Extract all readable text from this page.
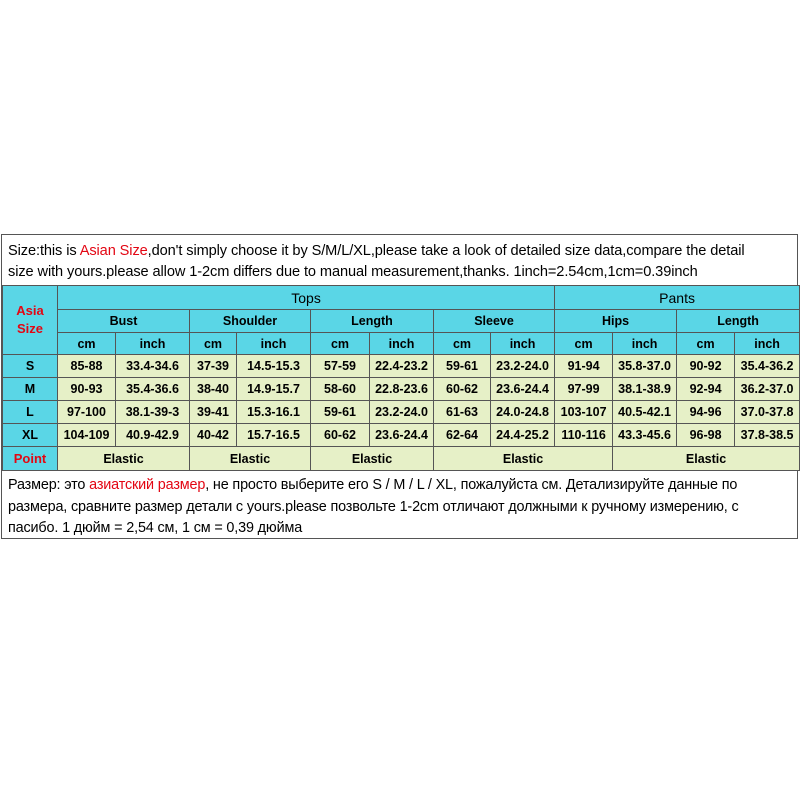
Size:this is Asian Size,don't simply choose it by S/M/L/XL,please take a look of detailed size data,compare the detail
size with yours.please allow 1-2cm differs due to manual measurement,thanks. 1inch=2.54cm,1cm=0.39inch
Asia
Size	Tops								Pants			
	Bust		Shoulder		Length		Sleeve		Hips		Length	
	cm	inch	cm	inch	cm	inch	cm	inch	cm	inch	cm	inch
S	85-88	33.4-34.6	37-39	14.5-15.3	57-59	22.4-23.2	59-61	23.2-24.0	91-94	35.8-37.0	90-92	35.4-36.2
M	90-93	35.4-36.6	38-40	14.9-15.7	58-60	22.8-23.6	60-62	23.6-24.4	97-99	38.1-38.9	92-94	36.2-37.0
L	97-100	38.1-39-3	39-41	15.3-16.1	59-61	23.2-24.0	61-63	24.0-24.8	103-107	40.5-42.1	94-96	37.0-37.8
XL	104-109	40.9-42.9	40-42	15.7-16.5	60-62	23.6-24.4	62-64	24.4-25.2	110-116	43.3-45.6	96-98	37.8-38.5
Point	Elastic		Elastic		Elastic		Elastic			Elastic		
Размер: это азиатский размер, не просто выберите его S / M / L / XL, пожалуйста см. Детализируйте данные по
размера, сравните размер детали с yours.please позвольте 1-2cm отличают должными к ручному измерению, с
пасибо. 1 дюйм = 2,54 см, 1 см = 0,39 дюйма
